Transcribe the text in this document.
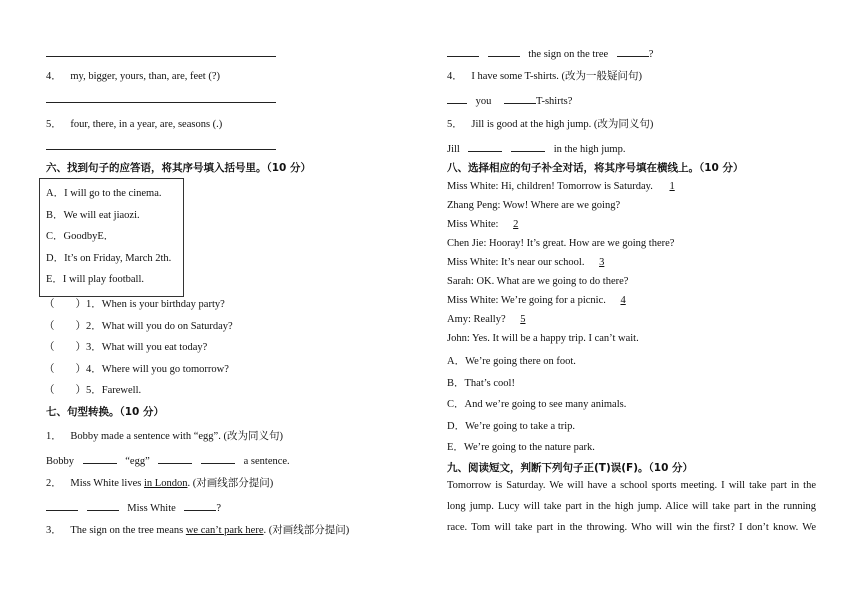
4． my, bigger, yours, than, are, feet (?)
5． four, there, in a year, are, seasons (.)
六、找到句子的应答语，将其序号填入括号里。（10 分）
A．I will go to the cinema.
B．We will eat jiaozi.
C．GoodbyE．
D．It’s on Friday, March 2th.
E．I will play football.
（　　）1．When is your birthday party?
（　　）2．What will you do on Saturday?
（　　）3．What will you eat today?
（　　）4．Where will you go tomorrow?
（　　）5．Farewell.
七、句型转换。（10 分）
1． Bobby made a sentence with “egg”. (改为同义句)
Bobby	“egg”	a sentence.
2． Miss White lives in London. (对画线部分提问)
Miss White	?
3． The sign on the tree means we can’t park here. (对画线部分提问)
the sign on the tree	?
4． I have some T-shirts. (改为一般疑问句)
you	T-shirts?
5． Jill is good at the high jump. (改为同义句)
Jill	in the high jump.
八、选择相应的句子补全对话，将其序号填在横线上。（10 分）
Miss White: Hi, children! Tomorrow is Saturday. 1
Zhang Peng: Wow! Where are we going?
Miss White: 2
Chen Jie: Hooray! It’s great. How are we going there?
Miss White: It’s near our school. 3
Sarah: OK. What are we going to do there?
Miss White: We’re going for a picnic. 4
Amy: Really? 5
John: Yes. It will be a happy trip. I can’t wait.
A．We’re going there on foot.
B．That’s cool!
C．And we’re going to see many animals.
D．We’re going to take a trip.
E．We’re going to the nature park.
九、阅读短文，判断下列句子正(T)误(F)。（10 分）
Tomorrow is Saturday. We will have a school sports meeting. I will take part in the
long jump. Lucy will take part in the high jump. Alice will take part in the running
race. Tom will take part in the throwing. Who will win the first? I don’t know. We
